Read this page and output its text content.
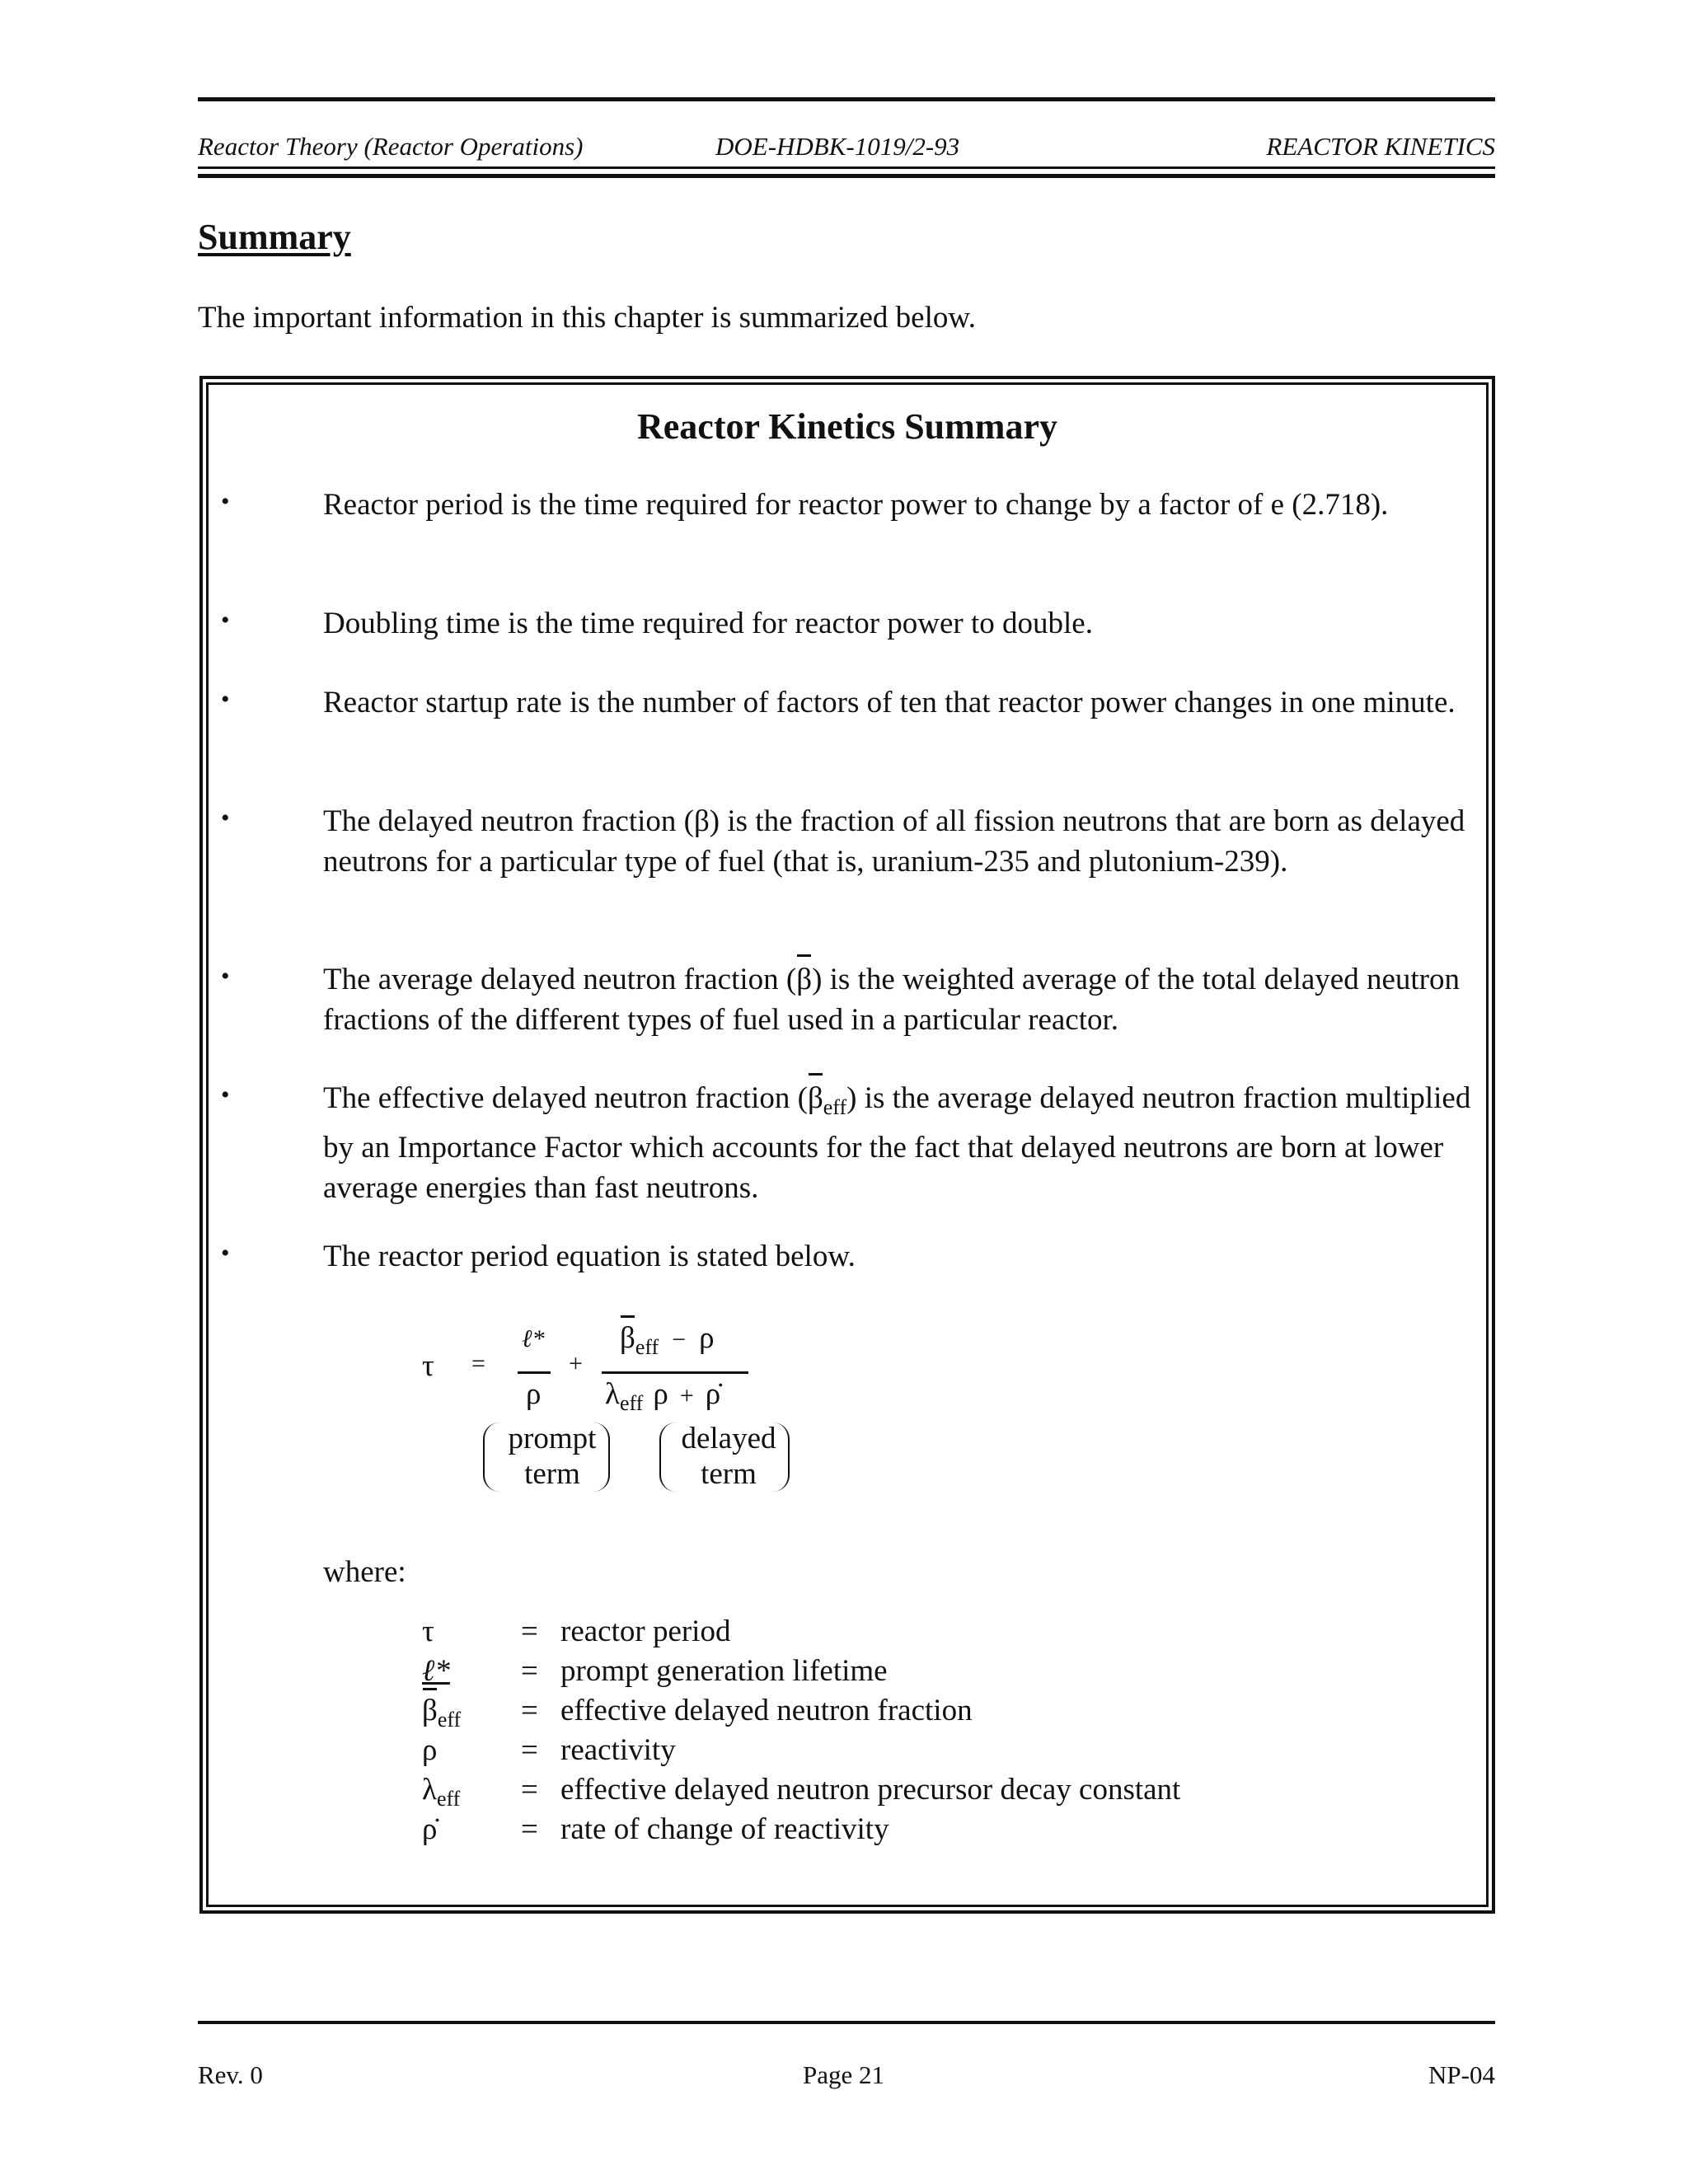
Reactor Theory (Reactor Operations)	DOE-HDBK-1019/2-93	REACTOR KINETICS
Summary
The important information in this chapter is summarized below.
Reactor Kinetics Summary
•	Reactor period is the time required for reactor power to change by a factor of e (2.718).
•	Doubling time is the time required for reactor power to double.
•	Reactor startup rate is the number of factors of ten that reactor power changes in one minute.
•	The delayed neutron fraction (β) is the fraction of all fission neutrons that are born as delayed neutrons for a particular type of fuel (that is, uranium-235 and plutonium-239).
•	The average delayed neutron fraction (β) is the weighted average of the total delayed neutron fractions of the different types of fuel used in a particular reactor.
•	The effective delayed neutron fraction $(\beta_{eff})$ is the average delayed neutron fraction multiplied by an Importance Factor which accounts for the fact that delayed neutrons are born at lower average energies than fast neutrons.
•	The reactor period equation is stated below.
τ =
ℓ*
ρ
+
$\beta_{eff} - \rho$
$\lambda_{eff}$ ρ + ρ̇
prompt
term
delayed
term
where:
τ	= reactor period
ℓ* = prompt generation lifetime
$\beta_{eff}$ = effective delayed neutron fraction
ρ	= reactivity
$\lambda_{eff}$ = effective delayed neutron precursor decay constant
ρ̇	= rate of change of reactivity
Rev. 0	Page 21	NP-04
